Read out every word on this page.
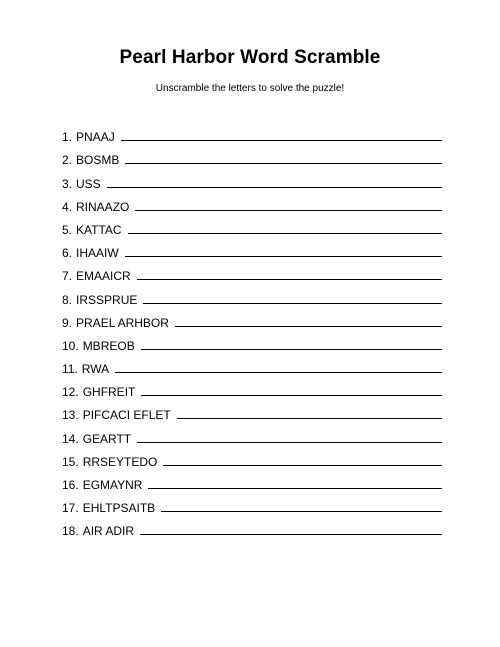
Pearl Harbor Word Scramble
Unscramble the letters to solve the puzzle!
1. PNAAJ
2. BOSMB
3. USS
4. RINAAZO
5. KATTAC
6. IHAAIW
7. EMAAICR
8. IRSSPRUE
9. PRAEL ARHBOR
10. MBREOB
11. RWA
12. GHFREIT
13. PIFCACI EFLET
14. GEARTT
15. RRSEYTEDO
16. EGMAYNR
17. EHLTPSAITB
18. AIR ADIR
